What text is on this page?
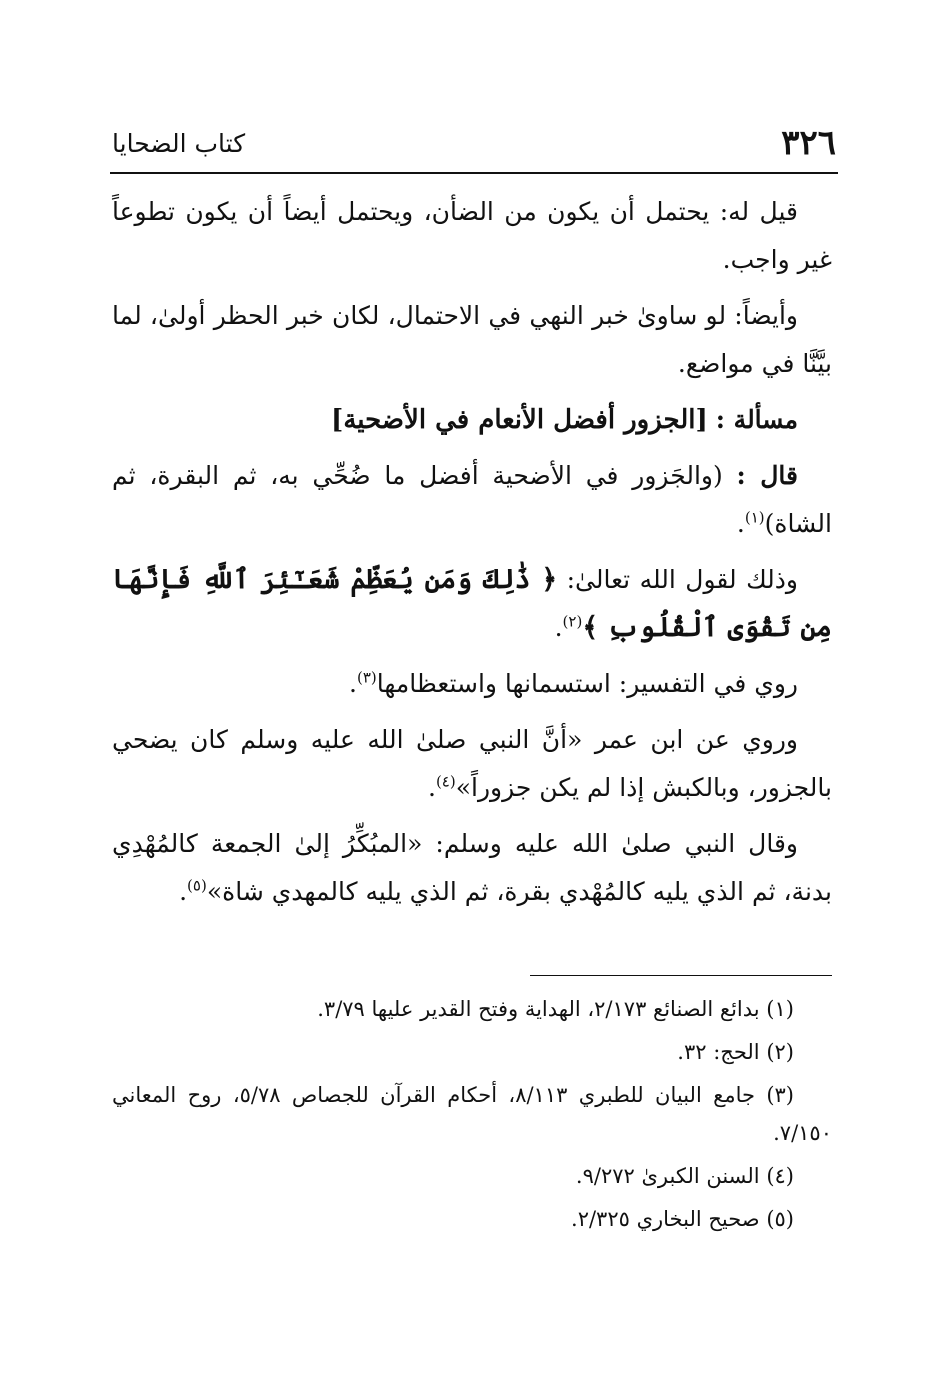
٣٢٦
كتاب الضحايا

قيل له: يحتمل أن يكون من الضأن، ويحتمل أيضاً أن يكون تطوعاً غير واجب.

وأيضاً: لو ساوىٰ خبر النهي في الاحتمال، لكان خبر الحظر أولىٰ، لما بيَّنَّا في مواضع.

مسألة : [الجزور أفضل الأنعام في الأضحية]

قال : (والجَزور في الأضحية أفضل ما ضُحِّي به، ثم البقرة، ثم الشاة)$^{(١)}$.

وذلك لقول الله تعالىٰ: ﴿ ذَٰلِكَ وَمَن يُعَظِّمْ شَعَـٰٓئِرَ ٱللَّهِ فَإِنَّهَا مِن تَقْوَى ٱلْقُلُوبِ ﴾$^{(٢)}$.

روي في التفسير: استسمانها واستعظامها$^{(٣)}$.

وروي عن ابن عمر «أنَّ النبي صلىٰ الله عليه وسلم كان يضحي بالجزور، وبالكبش إذا لم يكن جزوراً»$^{(٤)}$.

وقال النبي صلىٰ الله عليه وسلم: «المبُكِّرُ إلىٰ الجمعة كالمُهْدِي بدنة، ثم الذي يليه كالمُهْدي بقرة، ثم الذي يليه كالمهدي شاة»$^{(٥)}$.

(١) بدائع الصنائع ٢/١٧٣، الهداية وفتح القدير عليها ٣/٧٩.

(٢) الحج: ٣٢.

(٣) جامع البيان للطبري ٨/١١٣، أحكام القرآن للجصاص ٥/٧٨، روح المعاني ٧/١٥٠.

(٤) السنن الكبرىٰ ٩/٢٧٢.

(٥) صحيح البخاري ٢/٣٢٥.
